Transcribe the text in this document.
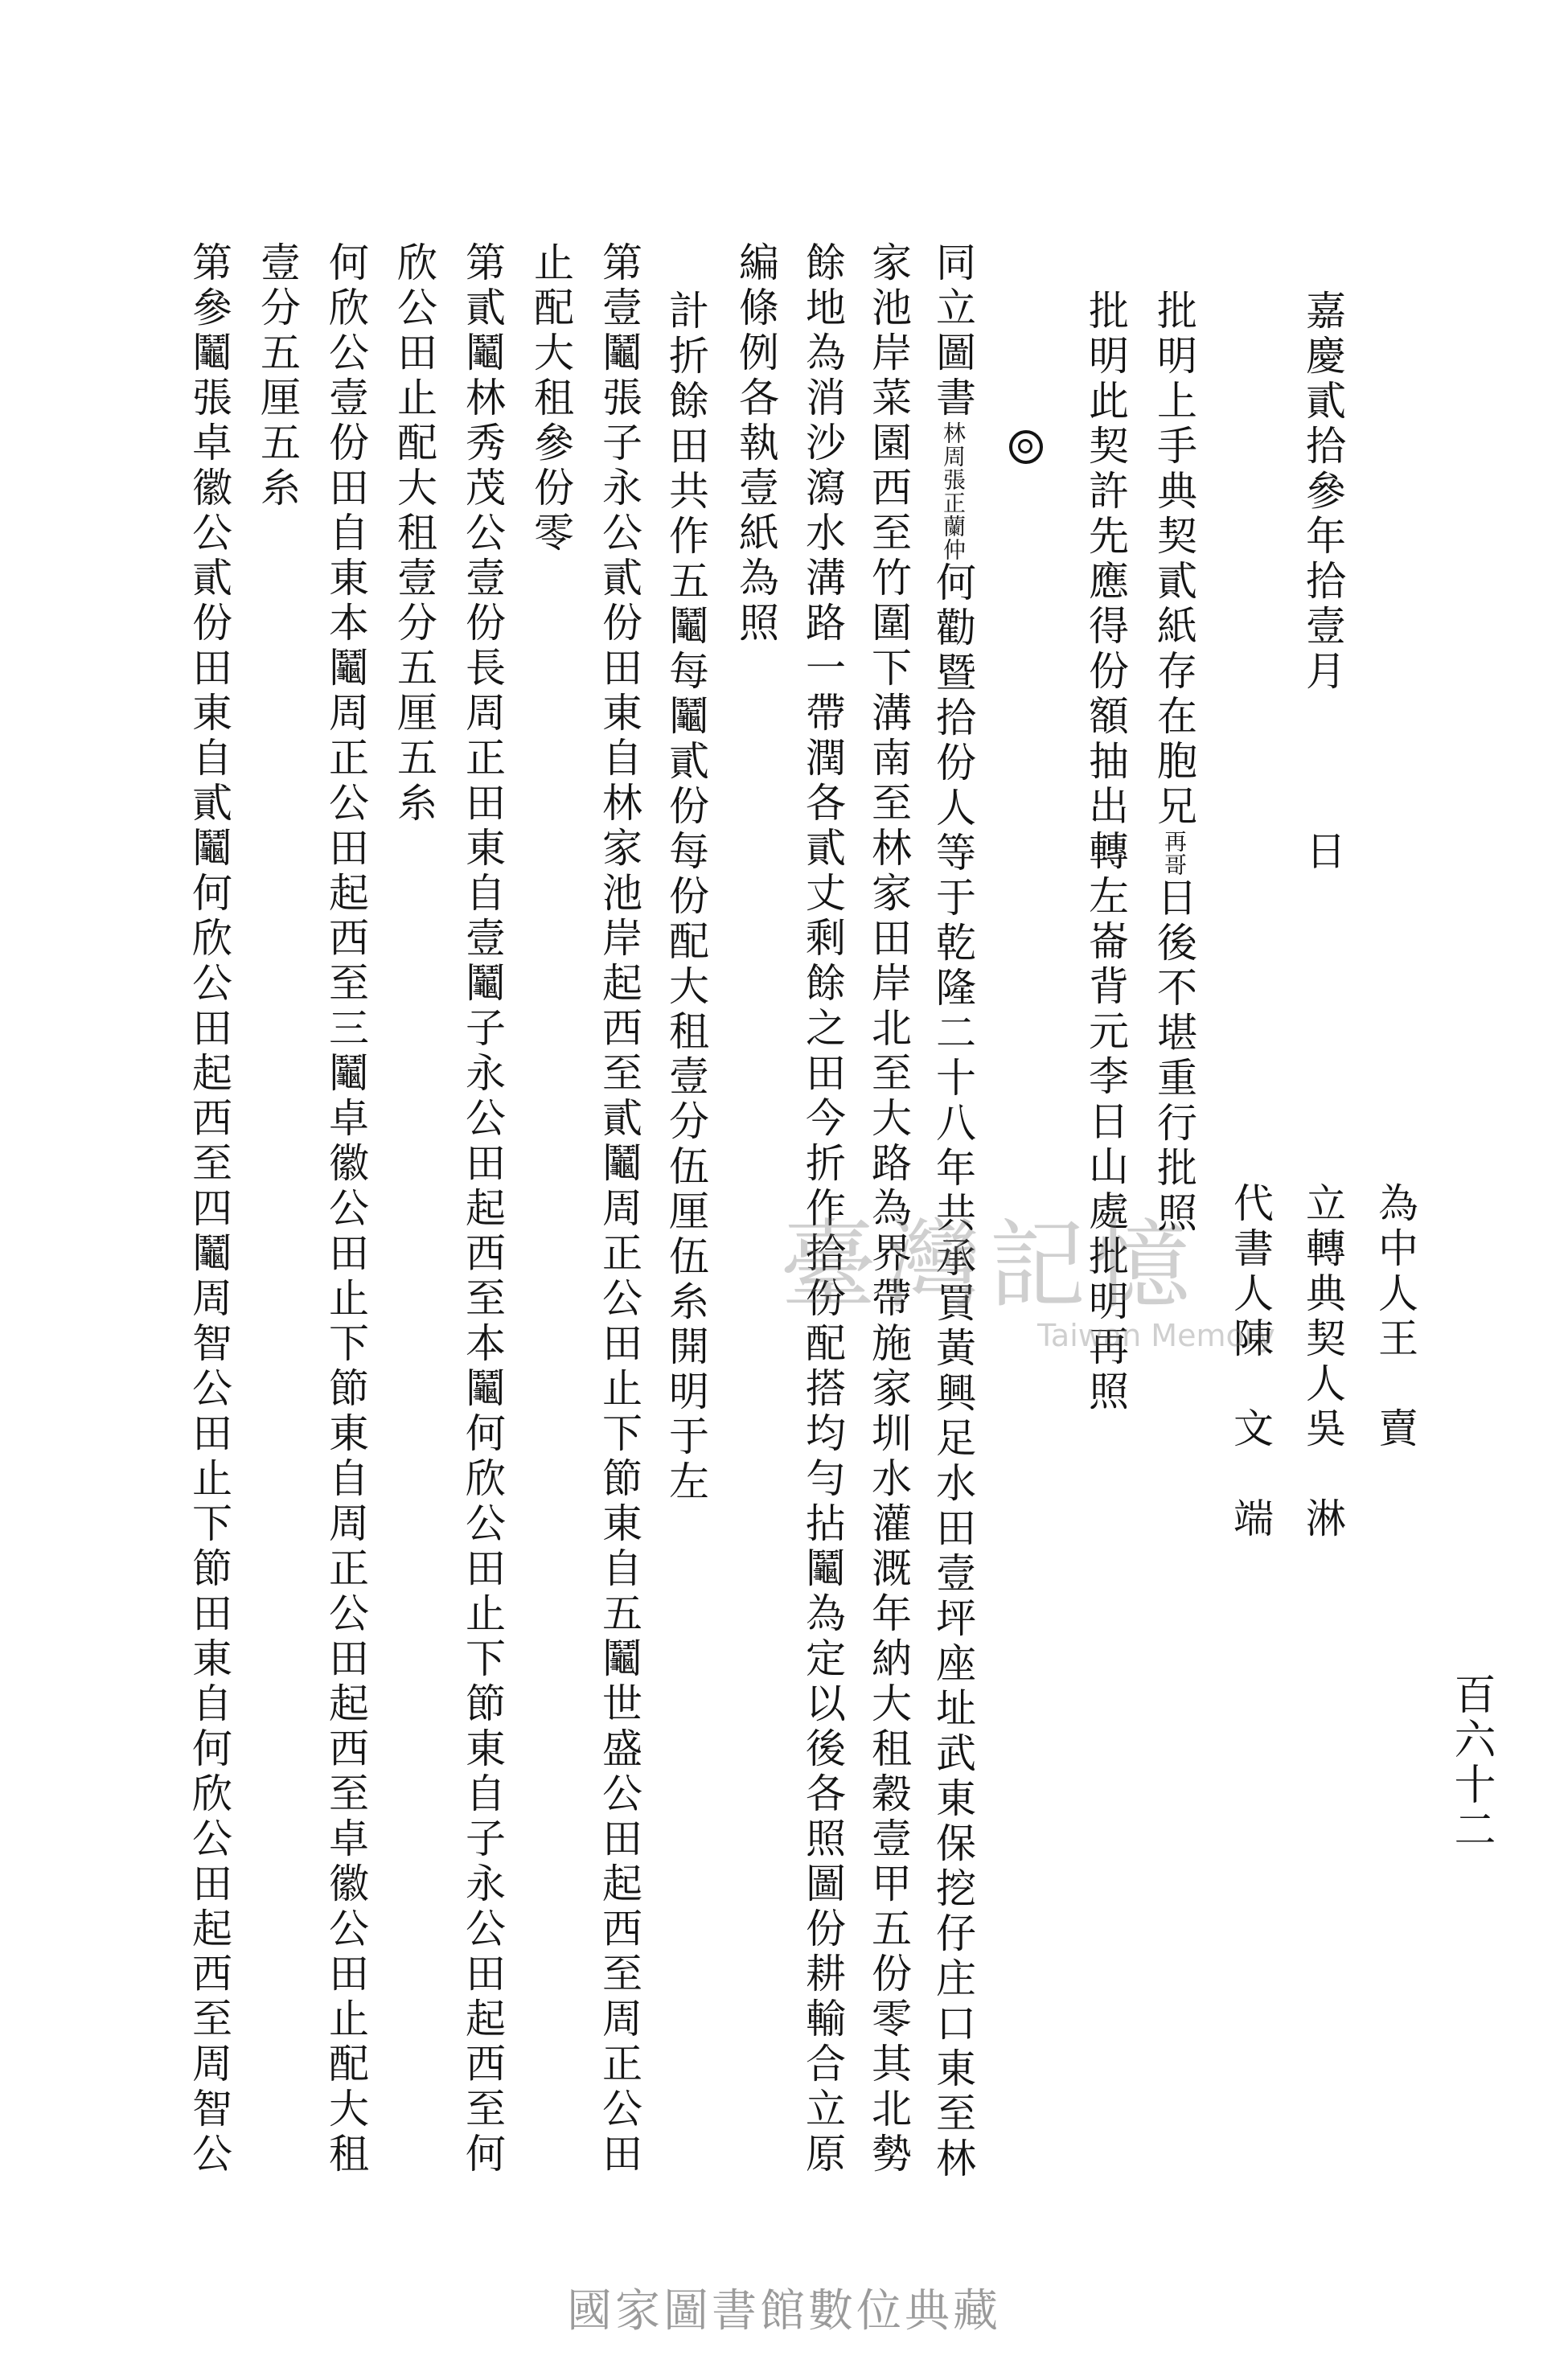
百六十二
嘉慶貳拾參年拾壹月　　　日
為中人王　賣
立轉典契人吳　淋
代書人陳　文　端
批明上手典契貳紙存在胞兄再哥日後不堪重行批照
批明此契許先應得份額抽出轉左崙背元李日山處批明再照
同立圖書林周張正蘭仲何勸暨拾份人等于乾隆二十八年共承買黃興足水田壹坪座址武東保挖仔庄口東至林
家池岸菜園西至竹圍下溝南至林家田岸北至大路為界帶施家圳水灌溉年納大租穀壹甲五份零其北勢
餘地為消沙瀉水溝路一帶潤各貳丈剩餘之田今折作拾份配搭均勻拈鬮為定以後各照圖份耕輸合立原
編條例各執壹紙為照
計折餘田共作五鬮每鬮貳份每份配大租壹分伍厘伍糸開明于左
第壹鬮張子永公貳份田東自林家池岸起西至貳鬮周正公田止下節東自五鬮世盛公田起西至周正公田
止配大租參份零
第貳鬮林秀茂公壹份長周正田東自壹鬮子永公田起西至本鬮何欣公田止下節東自子永公田起西至何
欣公田止配大租壹分五厘五糸
何欣公壹份田自東本鬮周正公田起西至三鬮卓徽公田止下節東自周正公田起西至卓徽公田止配大租
壹分五厘五糸
第參鬮張卓徽公貳份田東自貳鬮何欣公田起西至四鬮周智公田止下節田東自何欣公田起西至周智公	臺灣記憶
Taiwan Memory
國家圖書館數位典藏
